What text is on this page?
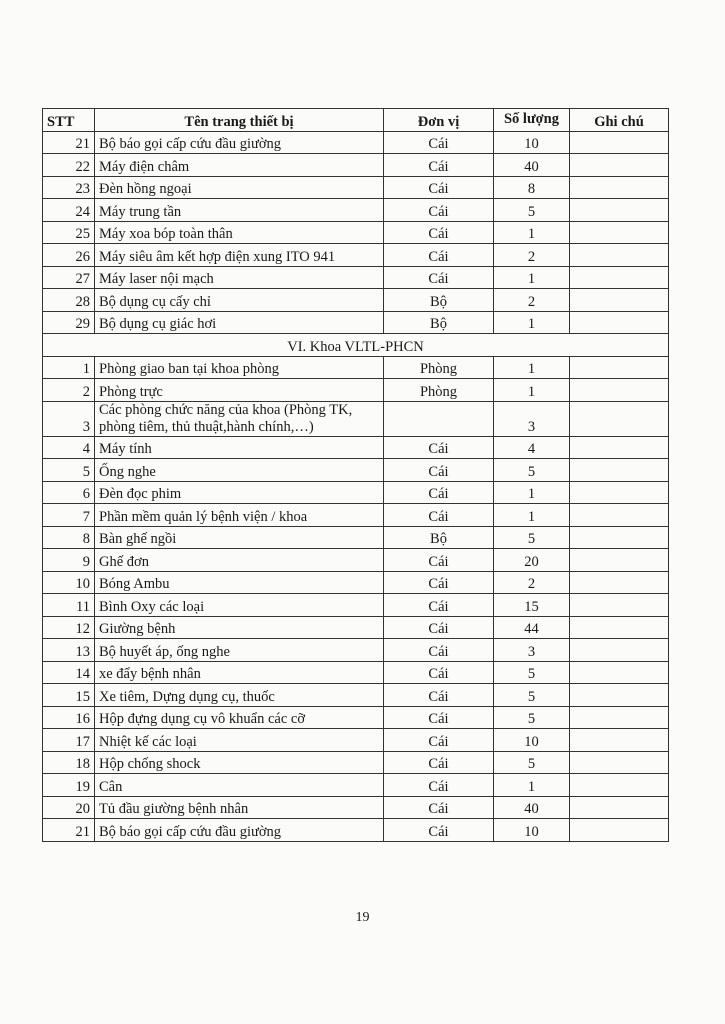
STT	Tên trang thiết bị	Đơn vị	Số lượng	Ghi chú
21	Bộ báo gọi cấp cứu đầu giường	Cái	10	
22	Máy điện châm	Cái	40	
23	Đèn hồng ngoại	Cái	8	
24	Máy trung tần	Cái	5	
25	Máy xoa bóp toàn thân	Cái	1	
26	Máy siêu âm kết hợp điện xung ITO 941	Cái	2	
27	Máy laser nội mạch	Cái	1	
28	Bộ dụng cụ cấy chỉ	Bộ	2	
29	Bộ dụng cụ giác hơi	Bộ	1	
VI. Khoa VLTL-PHCN				
1	Phòng giao ban tại khoa phòng	Phòng	1	
2	Phòng trực	Phòng	1	
3	Các phòng chức năng của khoa (Phòng TK, phòng tiêm, thủ thuật,hành chính,…)		3	
4	Máy tính	Cái	4	
5	Ống nghe	Cái	5	
6	Đèn đọc phim	Cái	1	
7	Phần mềm quản lý bệnh viện / khoa	Cái	1	
8	Bàn ghế ngồi	Bộ	5	
9	Ghế đơn	Cái	20	
10	Bóng Ambu	Cái	2	
11	Bình Oxy các loại	Cái	15	
12	Giường bệnh	Cái	44	
13	Bộ huyết áp, ống nghe	Cái	3	
14	xe đẩy bệnh nhân	Cái	5	
15	Xe tiêm, Dựng dụng cụ, thuốc	Cái	5	
16	Hộp đựng dụng cụ vô khuẩn các cỡ	Cái	5	
17	Nhiệt kế các loại	Cái	10	
18	Hộp chống shock	Cái	5	
19	Cân	Cái	1	
20	Tủ đầu giường bệnh nhân	Cái	40	
21	Bộ báo gọi cấp cứu đầu giường	Cái	10	
19
